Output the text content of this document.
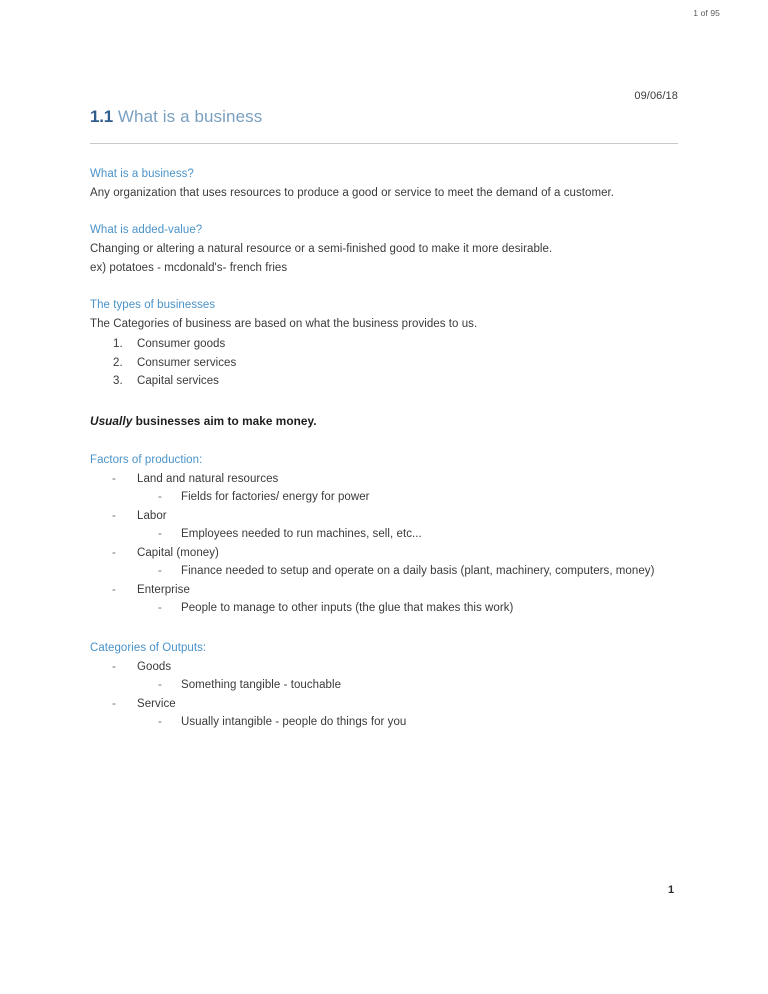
1 of 95
09/06/18
1.1 What is a business
What is a business?

Any organization that uses resources to produce a good or service to meet the demand of a customer.

What is added-value?

Changing or altering a natural resource or a semi-finished good to make it more desirable.

ex) potatoes - mcdonald's- french fries

The types of businesses

The Categories of business are based on what the business provides to us.

1. Consumer goods
2. Consumer services
3. Capital services

Usually businesses aim to make money.

Factors of production:
- Land and natural resources
- Fields for factories/ energy for power
- Labor
- Employees needed to run machines, sell, etc...
- Capital (money)
- Finance needed to setup and operate on a daily basis (plant, machinery, computers, money)
- Enterprise
- People to manage to other inputs (the glue that makes this work)
Categories of Outputs:
- Goods
- Something tangible - touchable
- Service
- Usually intangible - people do things for you
1
